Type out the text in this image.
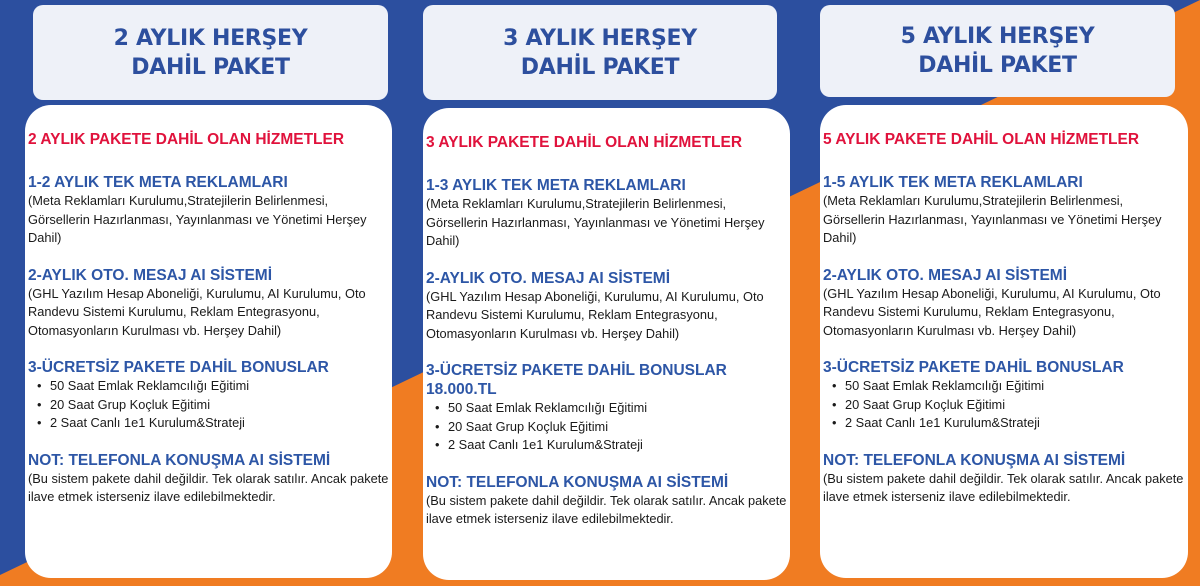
2 AYLIK HERŞEY
DAHİL PAKET
2 AYLIK PAKETE DAHİL OLAN HİZMETLER
1-2 AYLIK TEK META REKLAMLARI
(Meta Reklamları Kurulumu,Stratejilerin Belirlenmesi, Görsellerin Hazırlanması, Yayınlanması ve Yönetimi Herşey Dahil)
2-AYLIK OTO. MESAJ AI SİSTEMİ
(GHL Yazılım Hesap Aboneliği, Kurulumu, AI Kurulumu, Oto Randevu Sistemi Kurulumu, Reklam Entegrasyonu, Otomasyonların Kurulması vb. Herşey Dahil)
3-ÜCRETSİZ PAKETE DAHİL BONUSLAR
• 50 Saat Emlak Reklamcılığı Eğitimi
• 20 Saat Grup Koçluk Eğitimi
• 2 Saat Canlı 1e1 Kurulum&Strateji
NOT: TELEFONLA KONUŞMA AI SİSTEMİ
(Bu sistem pakete dahil değildir. Tek olarak satılır. Ancak pakete ilave etmek isterseniz ilave edilebilmektedir.
3 AYLIK HERŞEY
DAHİL PAKET
3 AYLIK PAKETE DAHİL OLAN HİZMETLER
1-3 AYLIK TEK META REKLAMLARI
(Meta Reklamları Kurulumu,Stratejilerin Belirlenmesi, Görsellerin Hazırlanması, Yayınlanması ve Yönetimi Herşey Dahil)
2-AYLIK OTO. MESAJ AI SİSTEMİ
(GHL Yazılım Hesap Aboneliği, Kurulumu, AI Kurulumu, Oto Randevu Sistemi Kurulumu, Reklam Entegrasyonu, Otomasyonların Kurulması vb. Herşey Dahil)
3-ÜCRETSİZ PAKETE DAHİL BONUSLAR 18.000.TL
• 50 Saat Emlak Reklamcılığı Eğitimi
• 20 Saat Grup Koçluk Eğitimi
• 2 Saat Canlı 1e1 Kurulum&Strateji
NOT: TELEFONLA KONUŞMA AI SİSTEMİ
(Bu sistem pakete dahil değildir. Tek olarak satılır. Ancak pakete ilave etmek isterseniz ilave edilebilmektedir.
5 AYLIK HERŞEY
DAHİL PAKET
5 AYLIK PAKETE DAHİL OLAN HİZMETLER
1-5 AYLIK TEK META REKLAMLARI
(Meta Reklamları Kurulumu,Stratejilerin Belirlenmesi, Görsellerin Hazırlanması, Yayınlanması ve Yönetimi Herşey Dahil)
2-AYLIK OTO. MESAJ AI SİSTEMİ
(GHL Yazılım Hesap Aboneliği, Kurulumu, AI Kurulumu, Oto Randevu Sistemi Kurulumu, Reklam Entegrasyonu, Otomasyonların Kurulması vb. Herşey Dahil)
3-ÜCRETSİZ PAKETE DAHİL BONUSLAR
• 50 Saat Emlak Reklamcılığı Eğitimi
• 20 Saat Grup Koçluk Eğitimi
• 2 Saat Canlı 1e1 Kurulum&Strateji
NOT: TELEFONLA KONUŞMA AI SİSTEMİ
(Bu sistem pakete dahil değildir. Tek olarak satılır. Ancak pakete ilave etmek isterseniz ilave edilebilmektedir.
